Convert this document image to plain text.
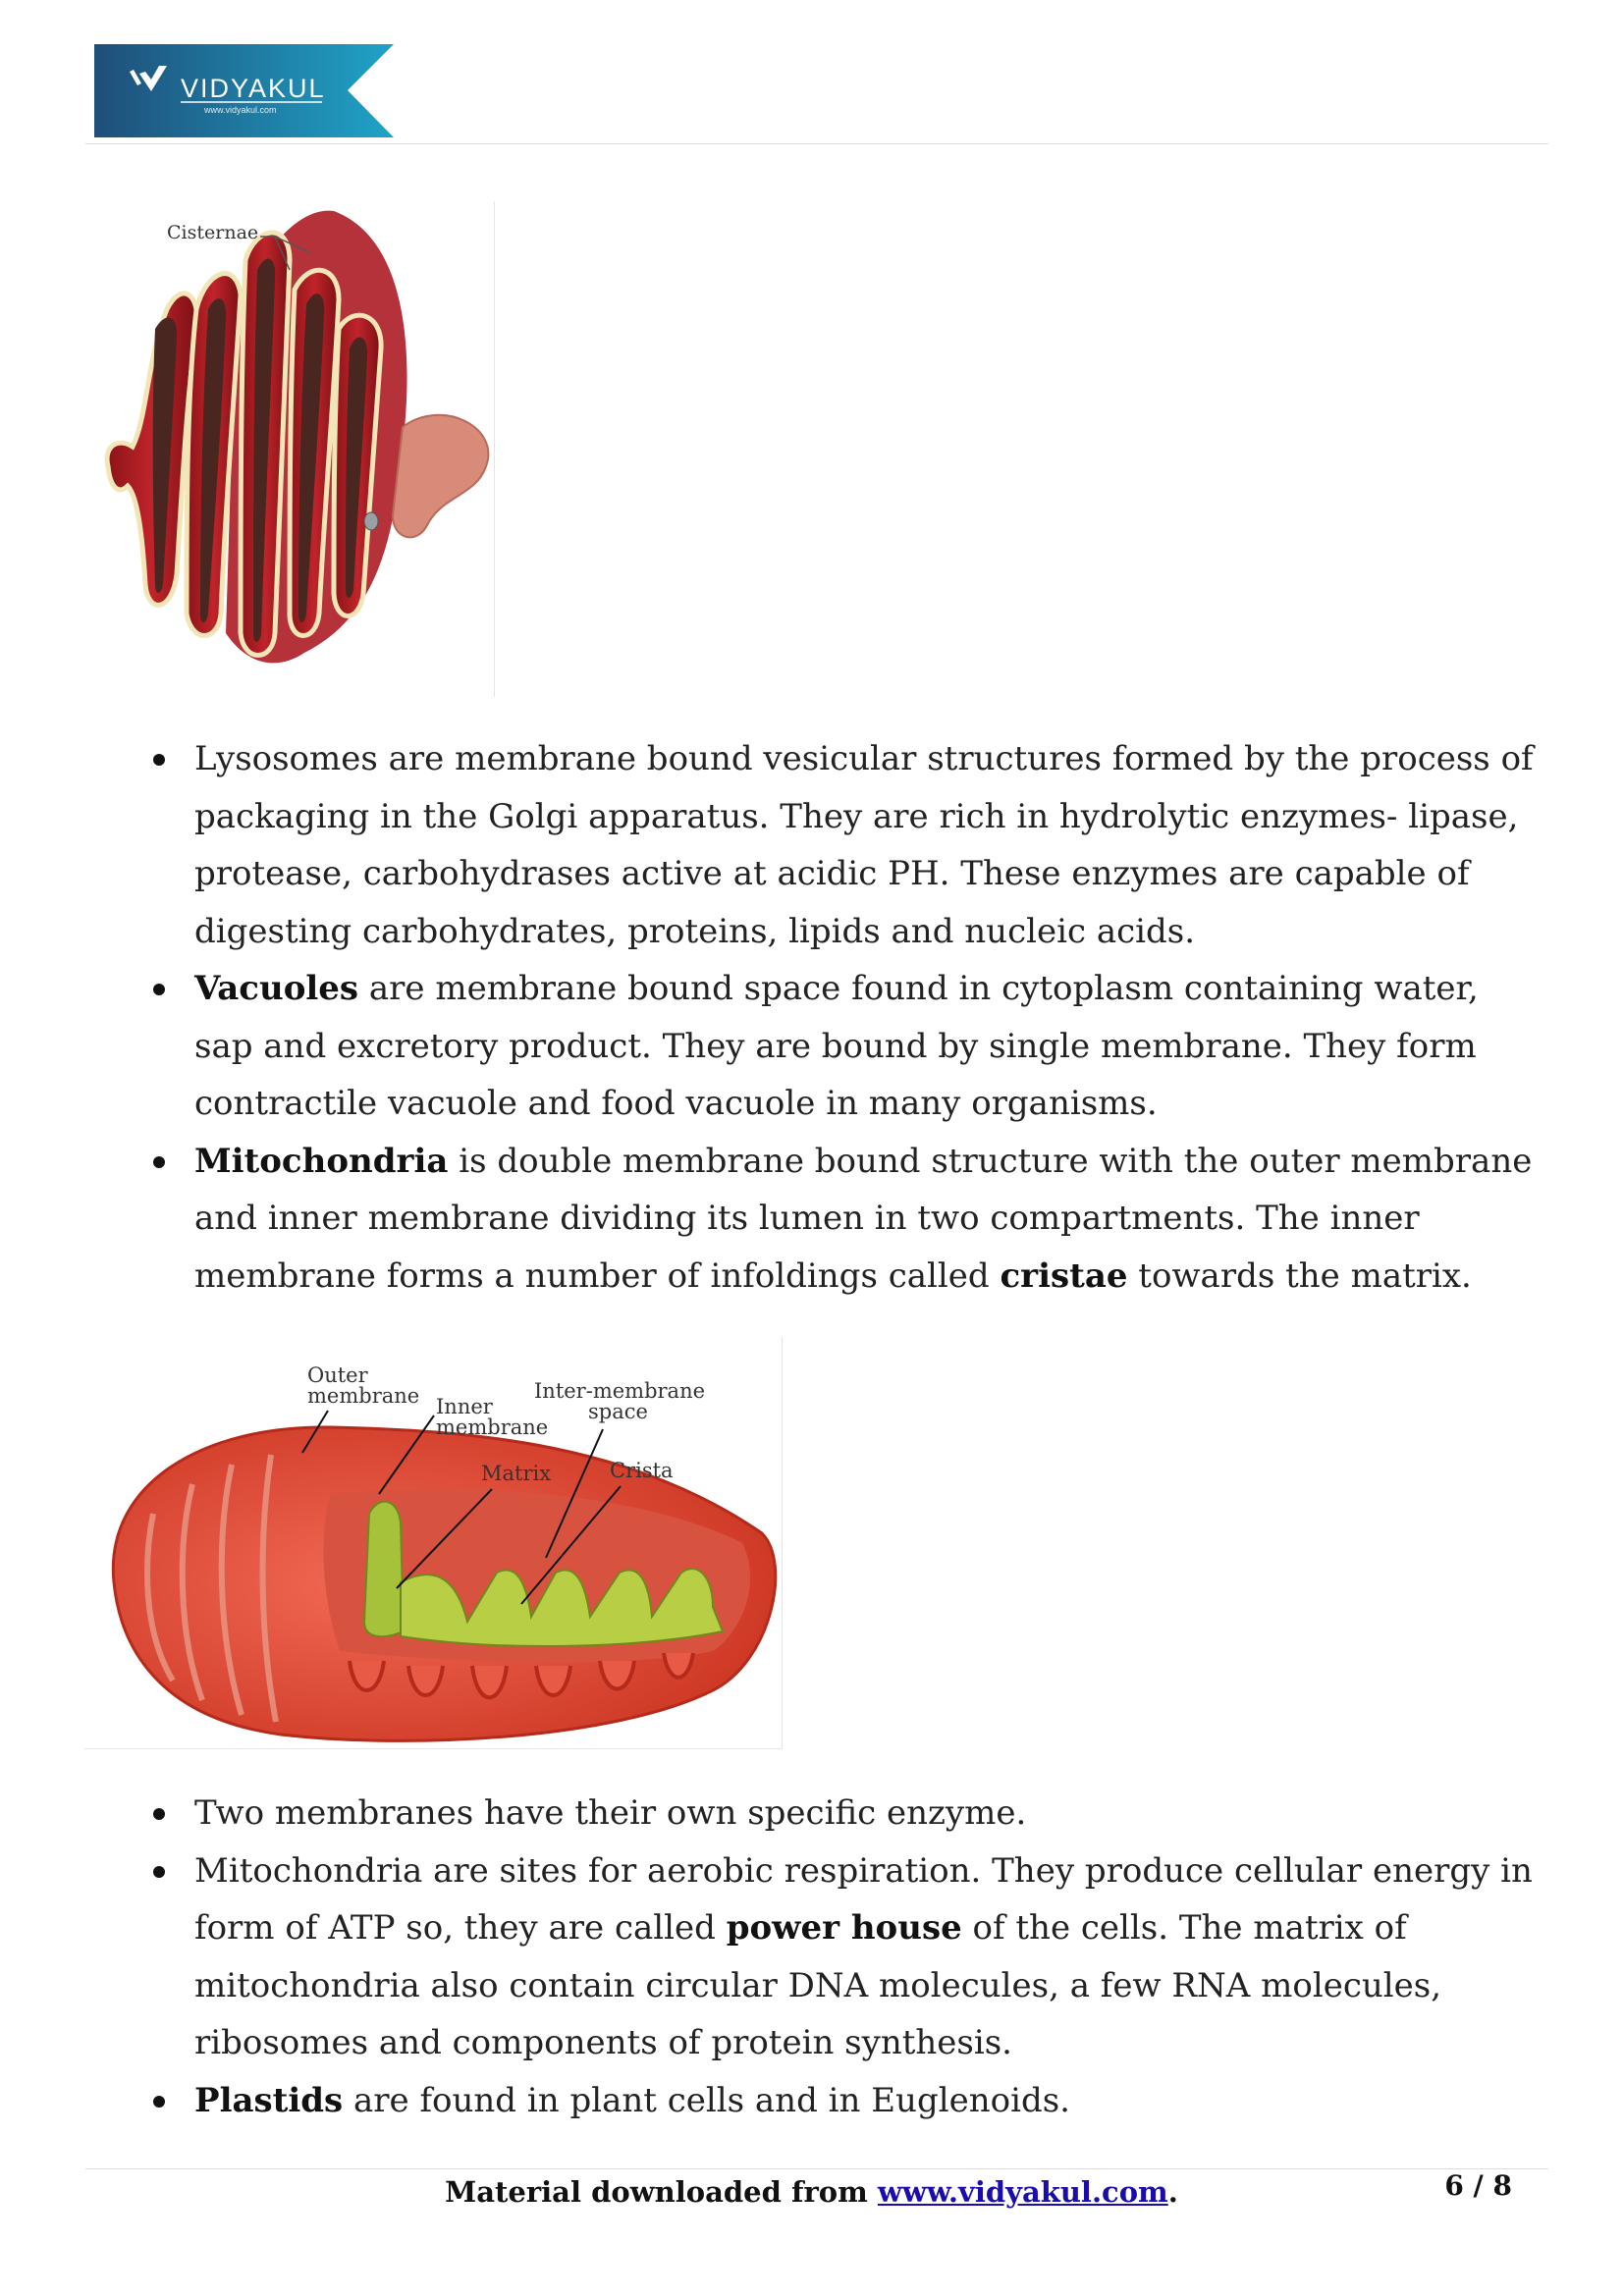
VIDYAKUL
www.vidyakul.com
Cisternae
Lysosomes are membrane bound vesicular structures formed by the process of packaging in the Golgi apparatus. They are rich in hydrolytic enzymes- lipase, protease, carbohydrases active at acidic PH. These enzymes are capable of digesting carbohydrates, proteins, lipids and nucleic acids.
Vacuoles are membrane bound space found in cytoplasm containing water, sap and excretory product. They are bound by single membrane. They form contractile vacuole and food vacuole in many organisms.
Mitochondria is double membrane bound structure with the outer membrane and inner membrane dividing its lumen in two compartments. The inner membrane forms a number of infoldings called cristae towards the matrix.
Outer
membrane Inner
membrane
Inter-membrane
space
Matrix	Crista
Two membranes have their own specific enzyme.
Mitochondria are sites for aerobic respiration. They produce cellular energy in form of ATP so, they are called power house of the cells. The matrix of mitochondria also contain circular DNA molecules, a few RNA molecules, ribosomes and components of protein synthesis.
Plastids are found in plant cells and in Euglenoids.
Material downloaded from www.vidyakul.com.	6 / 8
